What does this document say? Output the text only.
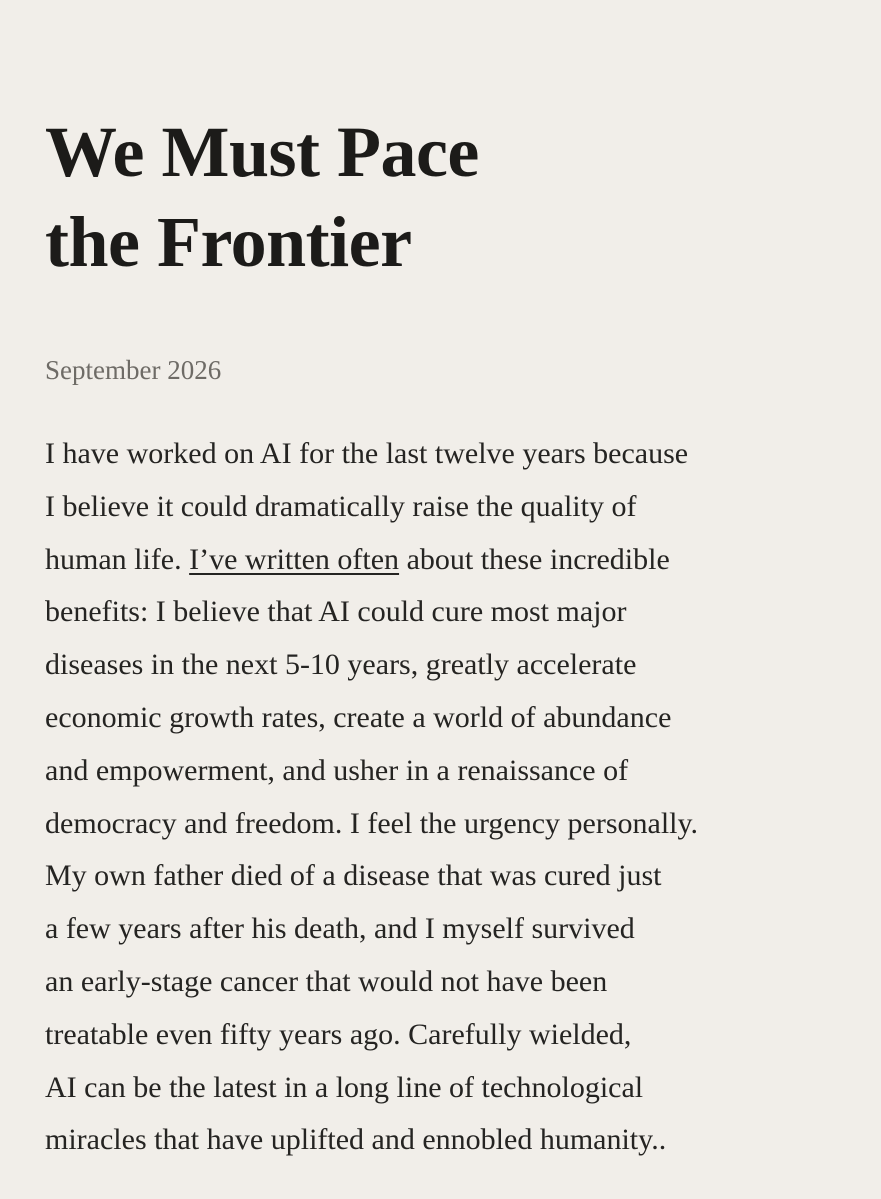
We Must Pace
the Frontier
September 2026
I have worked on AI for the last twelve years because
I believe it could dramatically raise the quality of
human life. I’ve written often about these incredible
benefits: I believe that AI could cure most major
diseases in the next 5-10 years, greatly accelerate
economic growth rates, create a world of abundance
and empowerment, and usher in a renaissance of
democracy and freedom. I feel the urgency personally.
My own father died of a disease that was cured just
a few years after his death, and I myself survived
an early-stage cancer that would not have been
treatable even fifty years ago. Carefully wielded,
AI can be the latest in a long line of technological
miracles that have uplifted and ennobled humanity..
